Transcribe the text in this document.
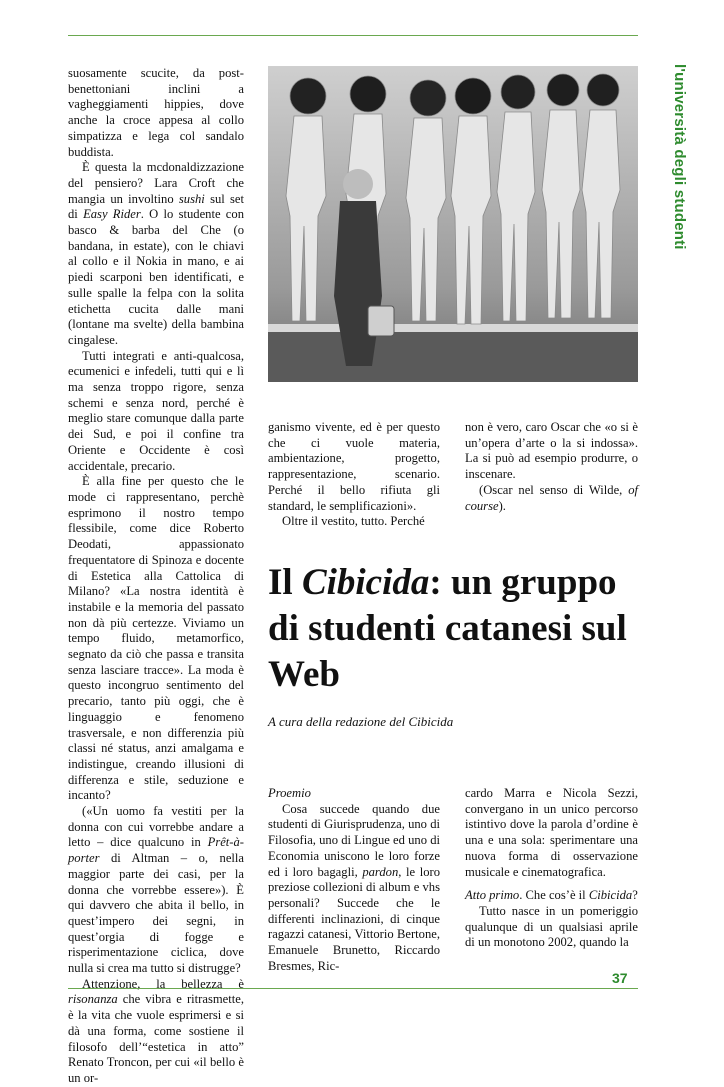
l'università degli studenti

suosamente scucite, da post-benettoniani inclini a vagheggiamenti hippies, dove anche la croce appesa al collo simpatizza e lega col sandalo buddista.

È questa la mcdonaldizzazione del pensiero? Lara Croft che mangia un involtino sushi sul set di Easy Rider. O lo studente con basco & barba del Che (o bandana, in estate), con le chiavi al collo e il Nokia in mano, e ai piedi scarponi ben identificati, e sulle spalle la felpa con la solita etichetta cucita dalle mani (lontane ma svelte) della bambina cingalese.

Tutti integrati e anti-qualcosa, ecumenici e infedeli, tutti qui e lì ma senza troppo rigore, senza schemi e senza nord, perché è meglio stare comunque dalla parte dei Sud, e poi il confine tra Oriente e Occidente è così accidentale, precario.

È alla fine per questo che le mode ci rappresentano, perchè esprimono il nostro tempo flessibile, come dice Roberto Deodati, appassionato frequentatore di Spinoza e docente di Estetica alla Cattolica di Milano? «La nostra identità è instabile e la memoria del passato non dà più certezze. Viviamo un tempo fluido, metamorfico, segnato da ciò che passa e transita senza lasciare tracce». La moda è questo incongruo sentimento del precario, tanto più oggi, che è linguaggio e fenomeno trasversale, e non differenzia più classi né status, anzi amalgama e indistingue, creando illusioni di differenza e stile, seduzione e incanto?

(«Un uomo fa vestiti per la donna con cui vorrebbe andare a letto – dice qualcuno in Prêt-à-porter di Altman – o, nella maggior parte dei casi, per la donna che vorrebbe essere»). È qui davvero che abita il bello, in quest’impero dei segni, in quest’orgia di fogge e risperimentazione ciclica, dove nulla si crea ma tutto si distrugge?

Attenzione, la bellezza è risonanza che vibra e ritrasmette, è la vita che vuole esprimersi e si dà una forma, come sostiene il filosofo dell’“estetica in atto” Renato Troncon, per cui «il bello è un or-

ganismo vivente, ed è per questo che ci vuole materia, ambientazione, progetto, rappresentazione, scenario. Perché il bello rifiuta gli standard, le semplificazioni».

Oltre il vestito, tutto. Perché

non è vero, caro Oscar che «o si è un’opera d’arte o la si indossa». La si può ad esempio produrre, o inscenare.

(Oscar nel senso di Wilde, of course).

Il Cibicida: un gruppo di studenti catanesi sul Web

A cura della redazione del Cibicida

Proemio

Cosa succede quando due studenti di Giurisprudenza, uno di Filosofia, uno di Lingue ed uno di Economia uniscono le loro forze ed i loro bagagli, pardon, le loro preziose collezioni di album e vhs personali? Succede che le differenti inclinazioni, di cinque ragazzi catanesi, Vittorio Bertone, Emanuele Brunetto, Riccardo Bresmes, Ric-

cardo Marra e Nicola Sezzi, convergano in un unico percorso istintivo dove la parola d’ordine è una e una sola: sperimentare una nuova forma di osservazione musicale e cinematografica.

Atto primo. Che cos’è il Cibicida?

Tutto nasce in un pomeriggio qualunque di un qualsiasi aprile di un monotono 2002, quando la

37
